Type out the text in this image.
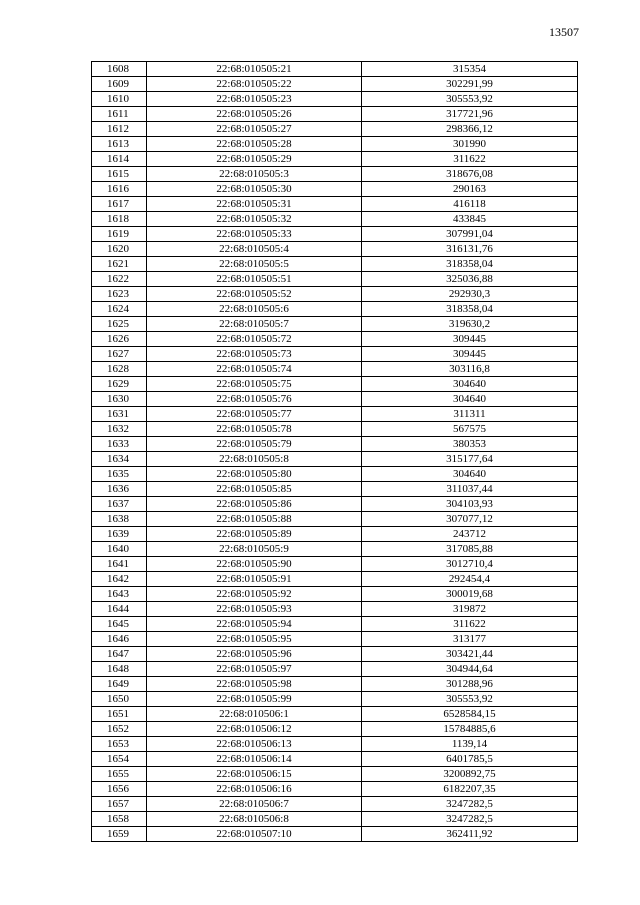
13507
1608	22:68:010505:21	315354
1609	22:68:010505:22	302291,99
1610	22:68:010505:23	305553,92
1611	22:68:010505:26	317721,96
1612	22:68:010505:27	298366,12
1613	22:68:010505:28	301990
1614	22:68:010505:29	311622
1615	22:68:010505:3	318676,08
1616	22:68:010505:30	290163
1617	22:68:010505:31	416118
1618	22:68:010505:32	433845
1619	22:68:010505:33	307991,04
1620	22:68:010505:4	316131,76
1621	22:68:010505:5	318358,04
1622	22:68:010505:51	325036,88
1623	22:68:010505:52	292930,3
1624	22:68:010505:6	318358,04
1625	22:68:010505:7	319630,2
1626	22:68:010505:72	309445
1627	22:68:010505:73	309445
1628	22:68:010505:74	303116,8
1629	22:68:010505:75	304640
1630	22:68:010505:76	304640
1631	22:68:010505:77	311311
1632	22:68:010505:78	567575
1633	22:68:010505:79	380353
1634	22:68:010505:8	315177,64
1635	22:68:010505:80	304640
1636	22:68:010505:85	311037,44
1637	22:68:010505:86	304103,93
1638	22:68:010505:88	307077,12
1639	22:68:010505:89	243712
1640	22:68:010505:9	317085,88
1641	22:68:010505:90	3012710,4
1642	22:68:010505:91	292454,4
1643	22:68:010505:92	300019,68
1644	22:68:010505:93	319872
1645	22:68:010505:94	311622
1646	22:68:010505:95	313177
1647	22:68:010505:96	303421,44
1648	22:68:010505:97	304944,64
1649	22:68:010505:98	301288,96
1650	22:68:010505:99	305553,92
1651	22:68:010506:1	6528584,15
1652	22:68:010506:12	15784885,6
1653	22:68:010506:13	1139,14
1654	22:68:010506:14	6401785,5
1655	22:68:010506:15	3200892,75
1656	22:68:010506:16	6182207,35
1657	22:68:010506:7	3247282,5
1658	22:68:010506:8	3247282,5
1659	22:68:010507:10	362411,92
